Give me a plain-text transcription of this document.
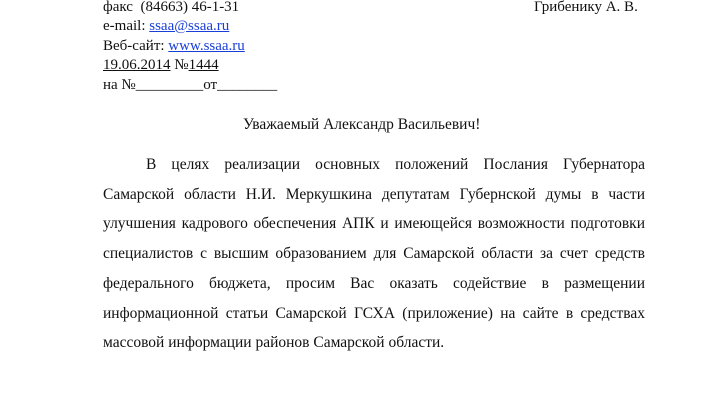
факс (84663) 46-1-31
e-mail: ssaa@ssaa.ru
Веб-сайт: www.ssaa.ru
19.06.2014 №1444
на №_________от________
Грибенику А. В.
Уважаемый Александр Васильевич!
В целях реализации основных положений Послания Губернатора Самарской области Н.И. Меркушкина депутатам Губернской думы в части улучшения кадрового обеспечения АПК и имеющейся возможности подготовки специалистов с высшим образованием для Самарской области за счет средств федерального бюджета, просим Вас оказать содействие в размещении информационной статьи Самарской ГСХА (приложение) на сайте в средствах массовой информации районов Самарской области.
